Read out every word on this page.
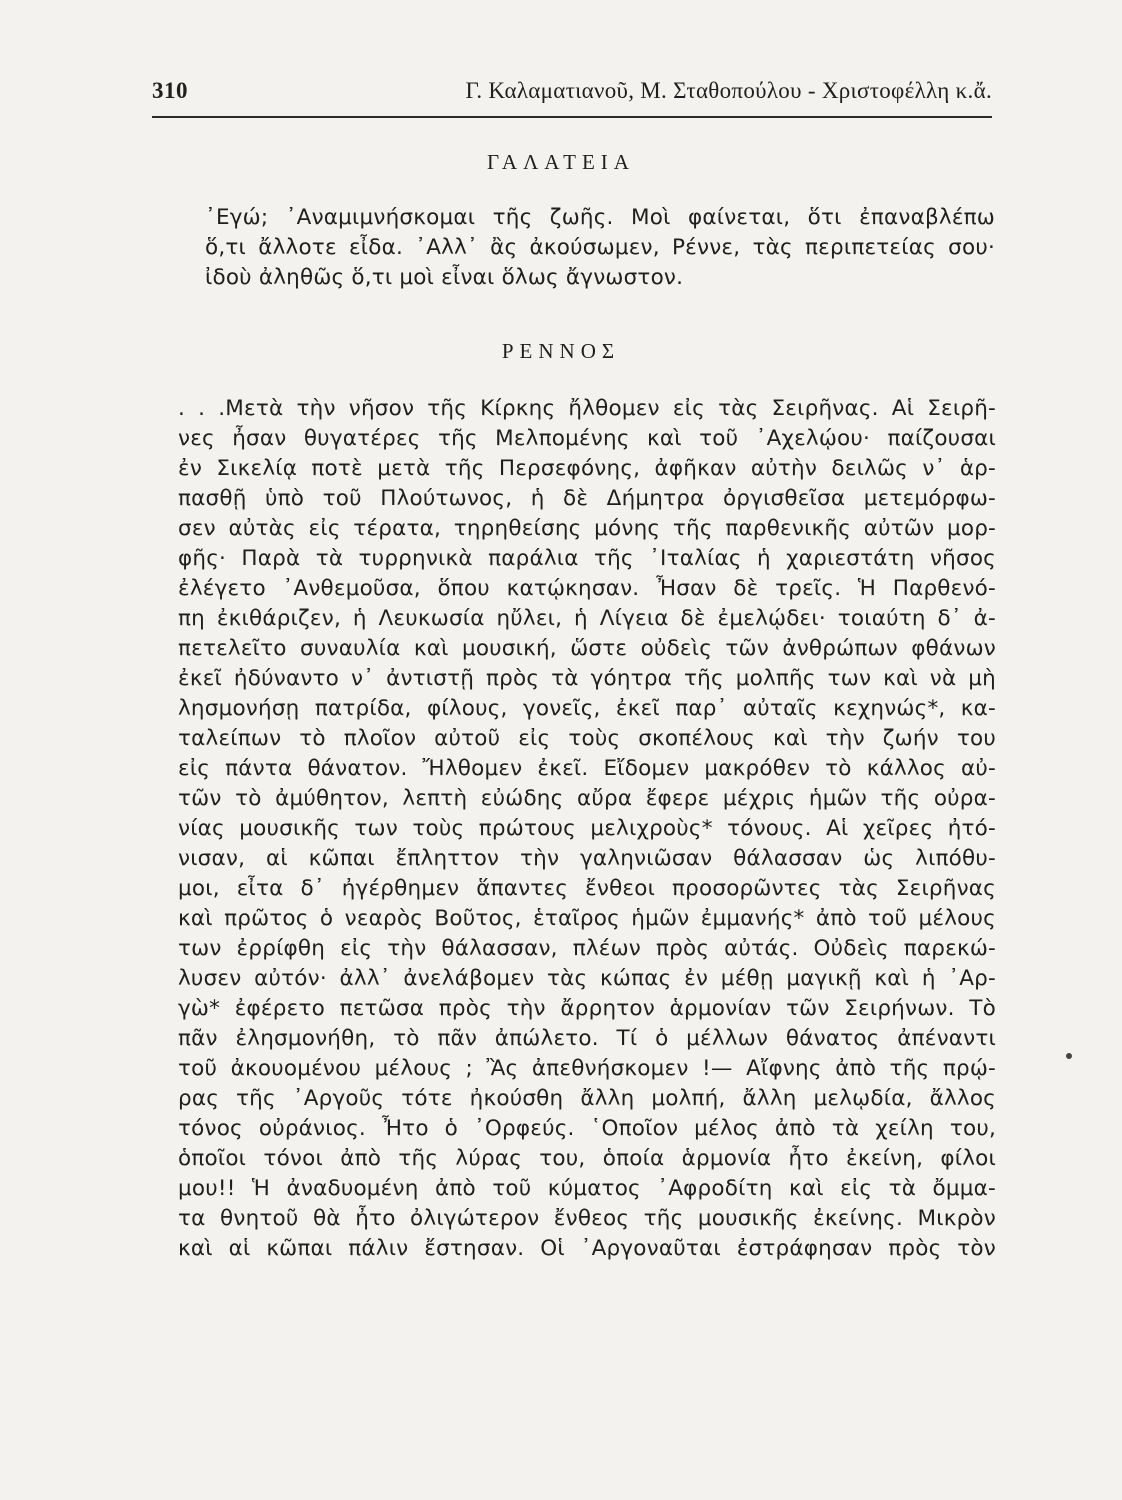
310	Γ. Καλαματιανοῦ, Μ. Σταθοπούλου - Χριστοφέλλη κ.ἄ.
ΓΑΛΑΤΕΙΑ
᾿Εγώ; ᾿Αναμιμνήσκομαι τῆς ζωῆς. Μοὶ φαίνεται, ὅτι ἐπαναβλέπω
ὅ,τι ἄλλοτε εἶδα. ᾿Αλλ᾿ ἂς ἀκούσωμεν, Ρέννε, τὰς περιπετείας σου·
ἰδοὺ ἀληθῶς ὅ,τι μοὶ εἶναι ὅλως ἄγνωστον.
ΡΕΝΝΟΣ
. . .Μετὰ τὴν νῆσον τῆς Κίρκης ἤλθομεν εἰς τὰς Σειρῆνας. Αἱ Σειρῆ-
νες ἦσαν θυγατέρες τῆς Μελπομένης καὶ τοῦ ᾿Αχελῴου· παίζουσαι
ἐν Σικελίᾳ ποτὲ μετὰ τῆς Περσεφόνης, ἀφῆκαν αὐτὴν δειλῶς ν᾿ ἁρ-
πασθῇ ὑπὸ τοῦ Πλούτωνος, ἡ δὲ Δήμητρα ὀργισθεῖσα μετεμόρφω-
σεν αὐτὰς εἰς τέρατα, τηρηθείσης μόνης τῆς παρθενικῆς αὐτῶν μορ-
φῆς· Παρὰ τὰ τυρρηνικὰ παράλια τῆς ᾿Ιταλίας ἡ χαριεστάτη νῆσος
ἐλέγετο ᾿Ανθεμοῦσα, ὅπου κατῴκησαν. Ἦσαν δὲ τρεῖς. Ἡ Παρθενό-
πη ἐκιθάριζεν, ἡ Λευκωσία ηὔλει, ἡ Λίγεια δὲ ἐμελῴδει· τοιαύτη δ᾿ ἀ-
πετελεῖτο συναυλία καὶ μουσική, ὥστε οὐδεὶς τῶν ἀνθρώπων φθάνων
ἐκεῖ ἠδύναντο ν᾿ ἀντιστῇ πρὸς τὰ γόητρα τῆς μολπῆς των καὶ νὰ μὴ
λησμονήσῃ πατρίδα, φίλους, γονεῖς, ἐκεῖ παρ᾿ αὐταῖς κεχηνώς*, κα-
ταλείπων τὸ πλοῖον αὐτοῦ εἰς τοὺς σκοπέλους καὶ τὴν ζωήν του
εἰς πάντα θάνατον. Ἤλθομεν ἐκεῖ. Εἴδομεν μακρόθεν τὸ κάλλος αὐ-
τῶν τὸ ἀμύθητον, λεπτὴ εὐώδης αὔρα ἔφερε μέχρις ἡμῶν τῆς οὐρα-
νίας μουσικῆς των τοὺς πρώτους μελιχροὺς* τόνους. Αἱ χεῖρες ἠτό-
νισαν, αἱ κῶπαι ἔπληττον τὴν γαληνιῶσαν θάλασσαν ὡς λιπόθυ-
μοι, εἶτα δ᾿ ἠγέρθημεν ἅπαντες ἔνθεοι προσορῶντες τὰς Σειρῆνας
καὶ πρῶτος ὁ νεαρὸς Βοῦτος, ἑταῖρος ἡμῶν ἐμμανής* ἀπὸ τοῦ μέλους
των ἐρρίφθη εἰς τὴν θάλασσαν, πλέων πρὸς αὐτάς. Οὐδεὶς παρεκώ-
λυσεν αὐτόν· ἀλλ᾿ ἀνελάβομεν τὰς κώπας ἐν μέθῃ μαγικῇ καὶ ἡ ᾿Αρ-
γὼ* ἐφέρετο πετῶσα πρὸς τὴν ἄρρητον ἁρμονίαν τῶν Σειρήνων. Τὸ
πᾶν ἐλησμονήθη, τὸ πᾶν ἀπώλετο. Τί ὁ μέλλων θάνατος ἀπέναντι
τοῦ ἀκουομένου μέλους ; Ἂς ἀπεθνήσκομεν !— Αἴφνης ἀπὸ τῆς πρῴ-
ρας τῆς ᾿Αργοῦς τότε ἠκούσθη ἄλλη μολπή, ἄλλη μελῳδία, ἄλλος
τόνος οὐράνιος. Ἦτο ὁ ᾿Ορφεύς. ῾Οποῖον μέλος ἀπὸ τὰ χείλη του,
ὁποῖοι τόνοι ἀπὸ τῆς λύρας του, ὁποία ἁρμονία ἦτο ἐκείνη, φίλοι
μου!! Ἡ ἀναδυομένη ἀπὸ τοῦ κύματος ᾿Αφροδίτη καὶ εἰς τὰ ὄμμα-
τα θνητοῦ θὰ ἦτο ὀλιγώτερον ἔνθεος τῆς μουσικῆς ἐκείνης. Μικρὸν
καὶ αἱ κῶπαι πάλιν ἔστησαν. Οἱ ᾿Αργοναῦται ἐστράφησαν πρὸς τὸν
